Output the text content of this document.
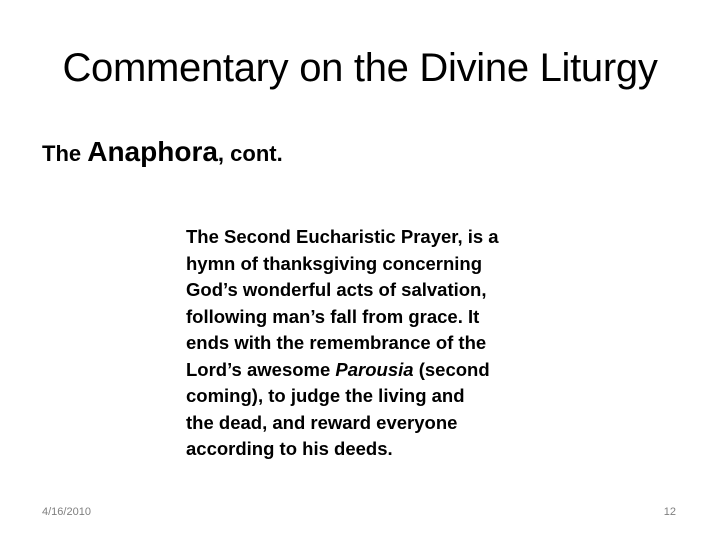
Commentary on the Divine Liturgy
The Anaphora, cont.
The Second Eucharistic Prayer, is a
hymn of thanksgiving concerning
God’s wonderful acts of salvation,
following man’s fall from grace. It
ends with the remembrance of the
Lord’s awesome Parousia (second
coming), to judge the living and
the dead, and reward everyone
according to his deeds.
4/16/2010	12
